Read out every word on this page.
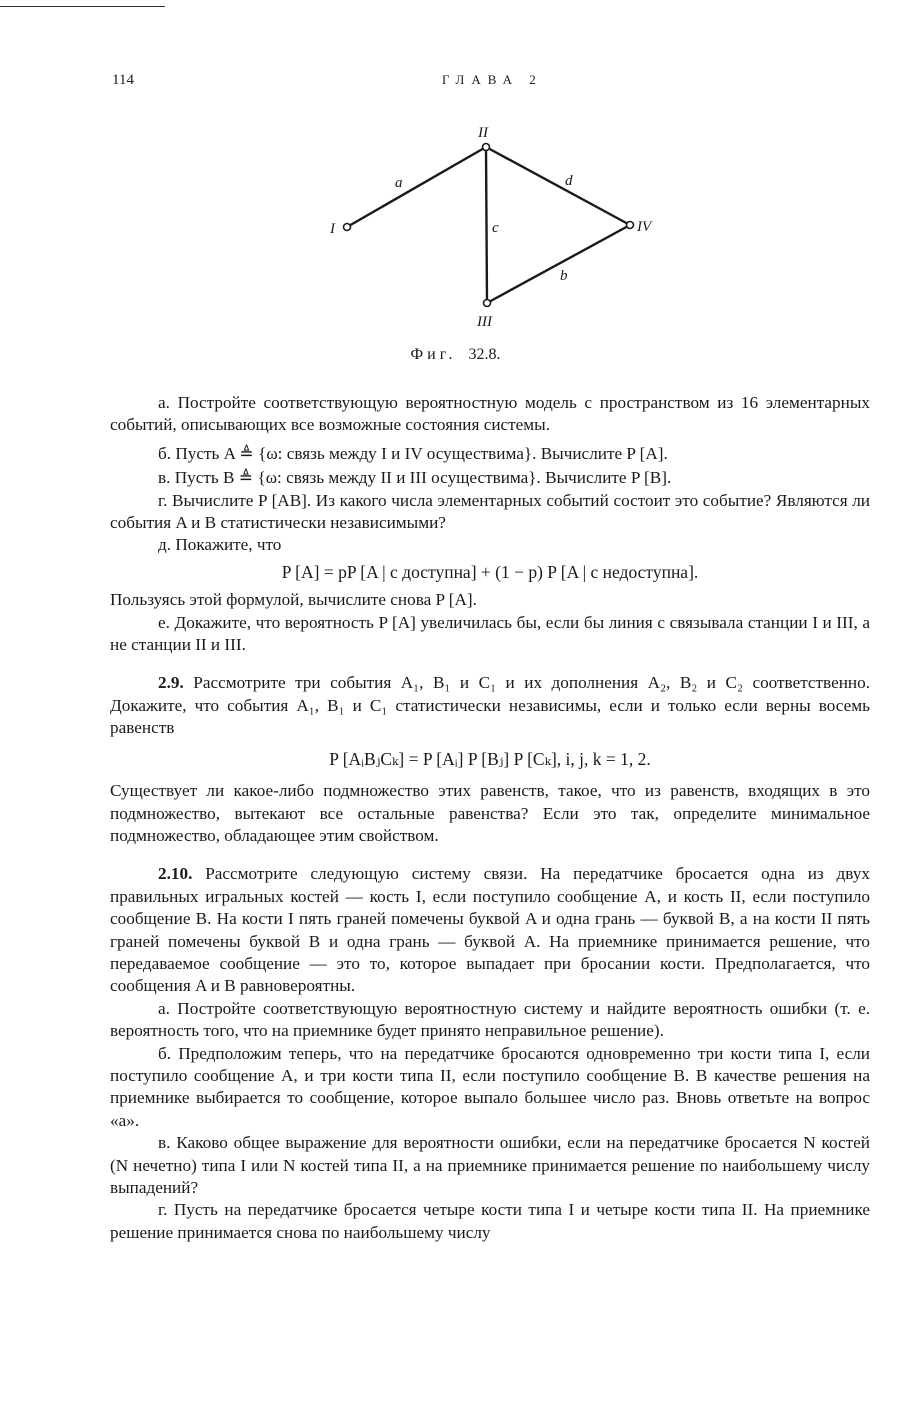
114	ГЛАВА 2
II
I	IV
III
a	d
c
b
Фиг. 32.8.

а. Постройте соответствующую вероятностную модель с пространством из 16 элементарных событий, описывающих все возможные состояния системы.

б. Пусть A ≜ {ω: связь между I и IV осуществима}. Вычислите P [A].

в. Пусть B ≜ {ω: связь между II и III осуществима}. Вычислите P [B].

г. Вычислите P [AB]. Из какого числа элементарных событий состоит это событие? Являются ли события A и B статистически независимыми?

д. Покажите, что

P [A] = pP [A | c доступна] + (1 − p) P [A | c недоступна].

Пользуясь этой формулой, вычислите снова P [A].

е. Докажите, что вероятность P [A] увеличилась бы, если бы линия c связывала станции I и III, а не станции II и III.

2.9. Рассмотрите три события A₁, B₁ и C₁ и их дополнения A₂, B₂ и C₂ соответственно. Докажите, что события A₁, B₁ и C₁ статистически независимы, если и только если верны восемь равенств

P [AᵢBⱼCₖ] = P [Aᵢ] P [Bⱼ] P [Cₖ], i, j, k = 1, 2.

Существует ли какое-либо подмножество этих равенств, такое, что из равенств, входящих в это подмножество, вытекают все остальные равенства? Если это так, определите минимальное подмножество, обладающее этим свойством.

2.10. Рассмотрите следующую систему связи. На передатчике бросается одна из двух правильных игральных костей — кость I, если поступило сообщение A, и кость II, если поступило сообщение B. На кости I пять граней помечены буквой A и одна грань — буквой B, а на кости II пять граней помечены буквой B и одна грань — буквой A. На приемнике принимается решение, что передаваемое сообщение — это то, которое выпадает при бросании кости. Предполагается, что сообщения A и B равновероятны.

а. Постройте соответствующую вероятностную систему и найдите вероятность ошибки (т. е. вероятность того, что на приемнике будет принято неправильное решение).

б. Предположим теперь, что на передатчике бросаются одновременно три кости типа I, если поступило сообщение A, и три кости типа II, если поступило сообщение B. В качестве решения на приемнике выбирается то сообщение, которое выпало большее число раз. Вновь ответьте на вопрос «а».

в. Каково общее выражение для вероятности ошибки, если на передатчике бросается N костей (N нечетно) типа I или N костей типа II, а на приемнике принимается решение по наибольшему числу выпадений?

г. Пусть на передатчике бросается четыре кости типа I и четыре кости типа II. На приемнике решение принимается снова по наибольшему числу
